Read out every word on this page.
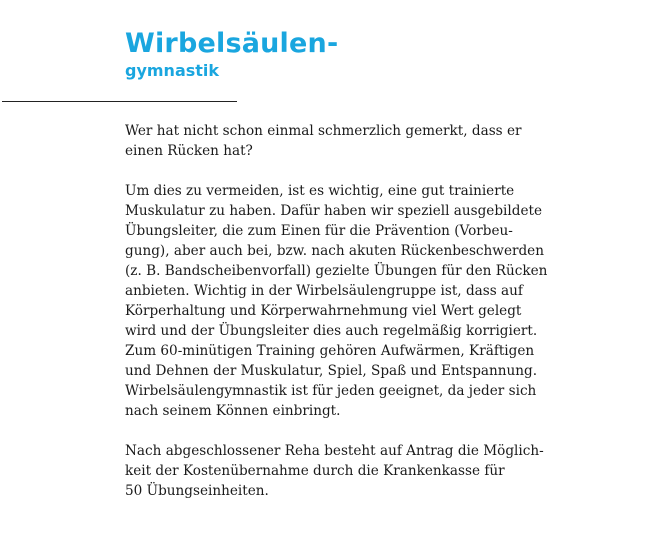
Wirbelsäulen-
gymnastik

Wer hat nicht schon einmal schmerzlich gemerkt, dass er
einen Rücken hat?

Um dies zu vermeiden, ist es wichtig, eine gut trainierte
Muskulatur zu haben. Dafür haben wir speziell ausgebildete
Übungsleiter, die zum Einen für die Prävention (Vorbeu-
gung), aber auch bei, bzw. nach akuten Rückenbeschwerden
(z. B. Bandscheibenvorfall) gezielte Übungen für den Rücken
anbieten. Wichtig in der Wirbelsäulengruppe ist, dass auf
Körperhaltung und Körperwahrnehmung viel Wert gelegt
wird und der Übungsleiter dies auch regelmäßig korrigiert.
Zum 60-minütigen Training gehören Aufwärmen, Kräftigen
und Dehnen der Muskulatur, Spiel, Spaß und Entspannung.
Wirbelsäulengymnastik ist für jeden geeignet, da jeder sich
nach seinem Können einbringt.

Nach abgeschlossener Reha besteht auf Antrag die Möglich-
keit der Kostenübernahme durch die Krankenkasse für
50 Übungseinheiten.
